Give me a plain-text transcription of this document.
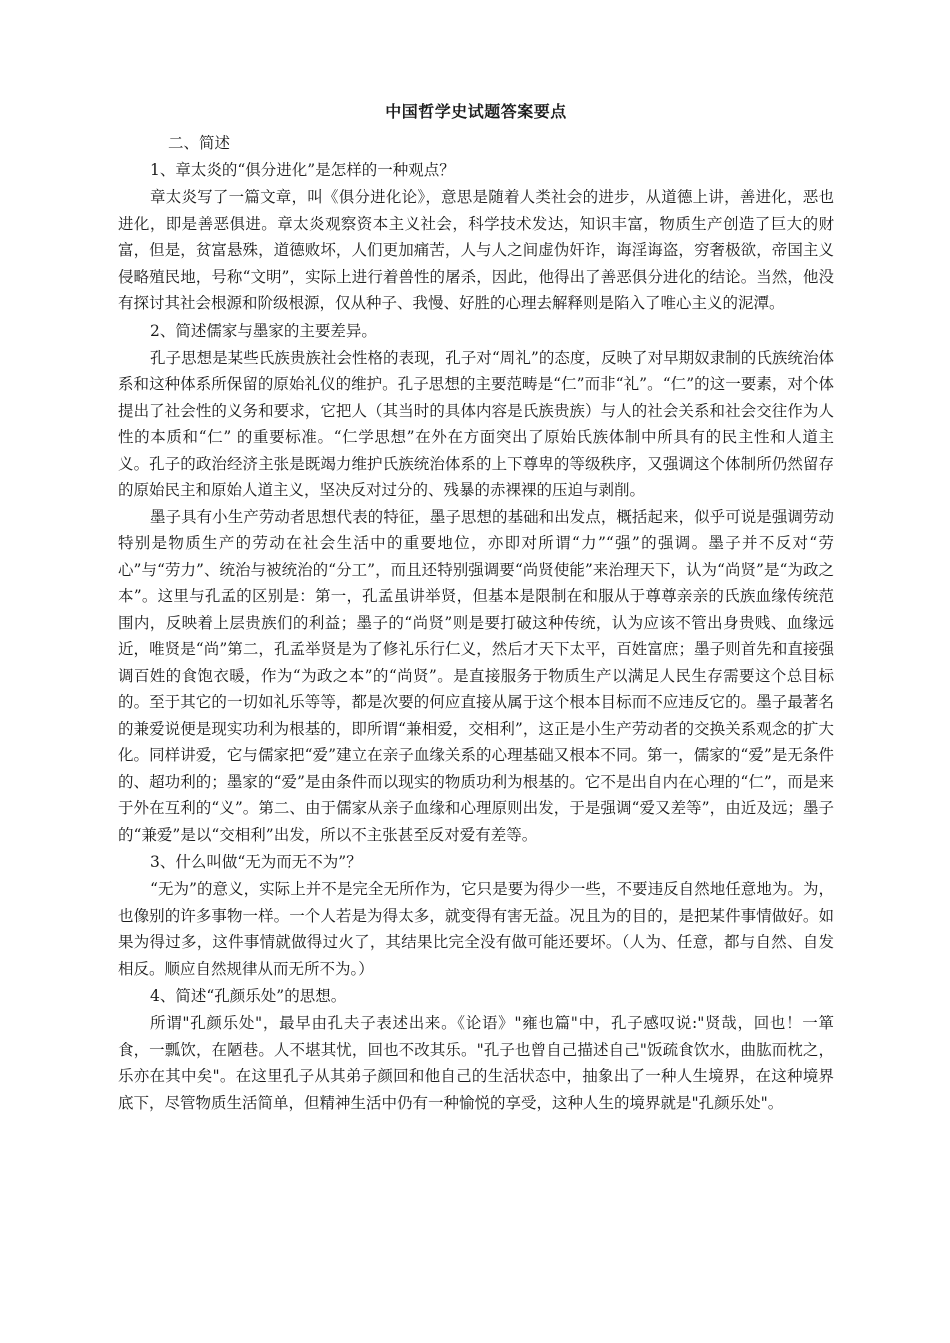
中国哲学史试题答案要点

二、简述

1、章太炎的“俱分进化”是怎样的一种观点？

章太炎写了一篇文章，叫《俱分进化论》，意思是随着人类社会的进步，从道德上讲，善进化，恶也进化，即是善恶俱进。章太炎观察资本主义社会，科学技术发达，知识丰富，物质生产创造了巨大的财富，但是，贫富悬殊，道德败坏，人们更加痛苦，人与人之间虚伪奸诈，诲淫诲盗，穷奢极欲，帝国主义侵略殖民地，号称“文明”，实际上进行着兽性的屠杀，因此，他得出了善恶俱分进化的结论。当然，他没有探讨其社会根源和阶级根源，仅从种子、我慢、好胜的心理去解释则是陷入了唯心主义的泥潭。

2、简述儒家与墨家的主要差异。

孔子思想是某些氏族贵族社会性格的表现，孔子对“周礼”的态度，反映了对早期奴隶制的氏族统治体系和这种体系所保留的原始礼仪的维护。孔子思想的主要范畴是“仁”而非“礼”。“仁”的这一要素，对个体提出了社会性的义务和要求，它把人（其当时的具体内容是氏族贵族）与人的社会关系和社会交往作为人性的本质和“仁” 的重要标准。“仁学思想”在外在方面突出了原始氏族体制中所具有的民主性和人道主义。孔子的政治经济主张是既竭力维护氏族统治体系的上下尊卑的等级秩序，又强调这个体制所仍然留存的原始民主和原始人道主义，坚决反对过分的、残暴的赤裸裸的压迫与剥削。

墨子具有小生产劳动者思想代表的特征，墨子思想的基础和出发点，概括起来，似乎可说是强调劳动特别是物质生产的劳动在社会生活中的重要地位，亦即对所谓“力”“强”的强调。墨子并不反对“劳心”与“劳力”、统治与被统治的“分工”，而且还特别强调要“尚贤使能”来治理天下，认为“尚贤”是“为政之本”。这里与孔孟的区别是：第一，孔孟虽讲举贤，但基本是限制在和服从于尊尊亲亲的氏族血缘传统范围内，反映着上层贵族们的利益；墨子的“尚贤”则是要打破这种传统，认为应该不管出身贵贱、血缘远近，唯贤是“尚”第二，孔孟举贤是为了修礼乐行仁义，然后才天下太平，百姓富庶；墨子则首先和直接强调百姓的食饱衣暖，作为“为政之本”的“尚贤”。是直接服务于物质生产以满足人民生存需要这个总目标的。至于其它的一切如礼乐等等，都是次要的何应直接从属于这个根本目标而不应违反它的。墨子最著名的兼爱说便是现实功利为根基的，即所谓“兼相爱，交相利”，这正是小生产劳动者的交换关系观念的扩大化。同样讲爱，它与儒家把“爱”建立在亲子血缘关系的心理基础又根本不同。第一，儒家的“爱”是无条件的、超功利的；墨家的“爱”是由条件而以现实的物质功利为根基的。它不是出自内在心理的“仁”，而是来于外在互利的“义”。第二、由于儒家从亲子血缘和心理原则出发，于是强调“爱又差等”，由近及远；墨子的“兼爱”是以“交相利”出发，所以不主张甚至反对爱有差等。

3、什么叫做“无为而无不为”？

“无为”的意义，实际上并不是完全无所作为，它只是要为得少一些，不要违反自然地任意地为。为，也像别的许多事物一样。一个人若是为得太多，就变得有害无益。况且为的目的，是把某件事情做好。如果为得过多，这件事情就做得过火了，其结果比完全没有做可能还要坏。（人为、任意，都与自然、自发相反。顺应自然规律从而无所不为。）

4、简述“孔颜乐处”的思想。

所谓"孔颜乐处"，最早由孔夫子表述出来。《论语》"雍也篇"中，孔子感叹说:"贤哉，回也！一箪食，一瓢饮，在陋巷。人不堪其忧，回也不改其乐。"孔子也曾自己描述自己"饭疏食饮水，曲肱而枕之，乐亦在其中矣"。在这里孔子从其弟子颜回和他自己的生活状态中，抽象出了一种人生境界，在这种境界底下，尽管物质生活简单，但精神生活中仍有一种愉悦的享受，这种人生的境界就是"孔颜乐处"。
